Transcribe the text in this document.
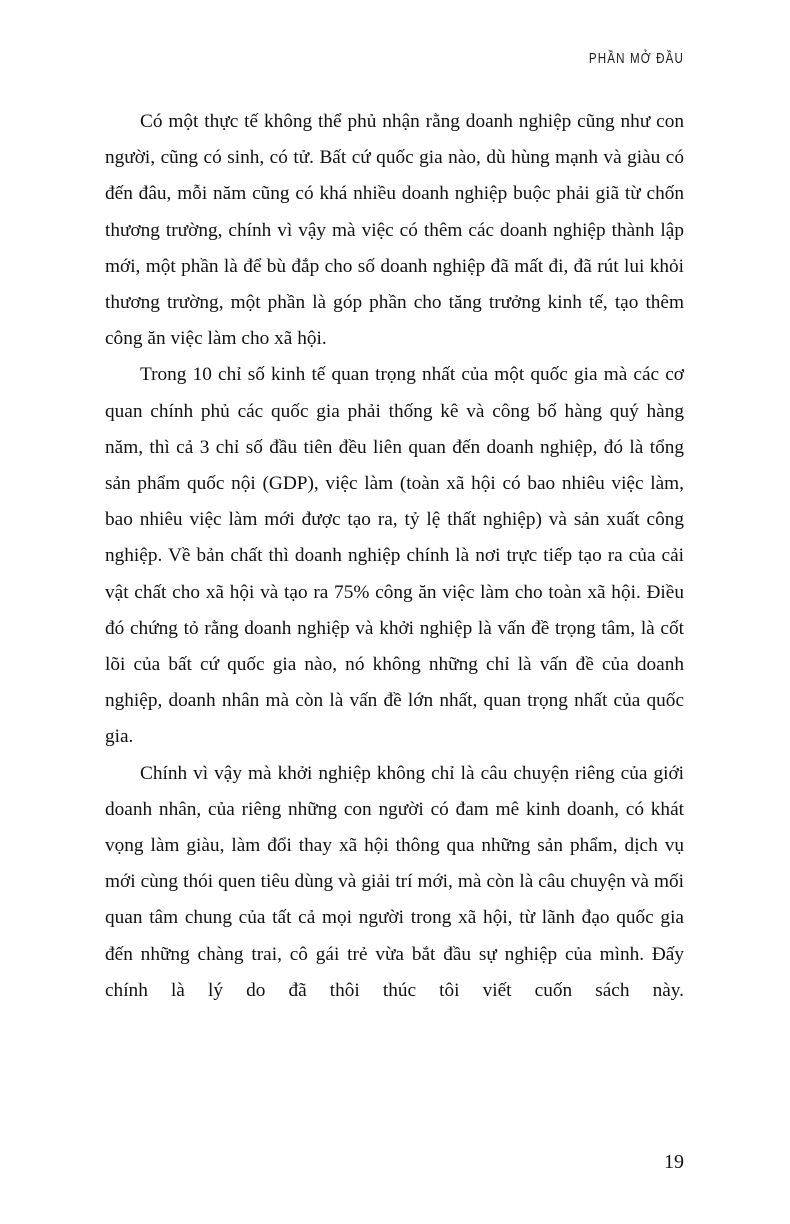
PHẦN MỞ ĐẦU

Có một thực tế không thể phủ nhận rằng doanh nghiệp cũng như con người, cũng có sinh, có tử. Bất cứ quốc gia nào, dù hùng mạnh và giàu có đến đâu, mỗi năm cũng có khá nhiều doanh nghiệp buộc phải giã từ chốn thương trường, chính vì vậy mà việc có thêm các doanh nghiệp thành lập mới, một phần là để bù đắp cho số doanh nghiệp đã mất đi, đã rút lui khỏi thương trường, một phần là góp phần cho tăng trưởng kinh tế, tạo thêm công ăn việc làm cho xã hội.

Trong 10 chỉ số kinh tế quan trọng nhất của một quốc gia mà các cơ quan chính phủ các quốc gia phải thống kê và công bố hàng quý hàng năm, thì cả 3 chỉ số đầu tiên đều liên quan đến doanh nghiệp, đó là tổng sản phẩm quốc nội (GDP), việc làm (toàn xã hội có bao nhiêu việc làm, bao nhiêu việc làm mới được tạo ra, tỷ lệ thất nghiệp) và sản xuất công nghiệp. Về bản chất thì doanh nghiệp chính là nơi trực tiếp tạo ra của cải vật chất cho xã hội và tạo ra 75% công ăn việc làm cho toàn xã hội. Điều đó chứng tỏ rằng doanh nghiệp và khởi nghiệp là vấn đề trọng tâm, là cốt lõi của bất cứ quốc gia nào, nó không những chỉ là vấn đề của doanh nghiệp, doanh nhân mà còn là vấn đề lớn nhất, quan trọng nhất của quốc gia.

Chính vì vậy mà khởi nghiệp không chỉ là câu chuyện riêng của giới doanh nhân, của riêng những con người có đam mê kinh doanh, có khát vọng làm giàu, làm đổi thay xã hội thông qua những sản phẩm, dịch vụ mới cùng thói quen tiêu dùng và giải trí mới, mà còn là câu chuyện và mối quan tâm chung của tất cả mọi người trong xã hội, từ lãnh đạo quốc gia đến những chàng trai, cô gái trẻ vừa bắt đầu sự nghiệp của mình. Đấy chính là lý do đã thôi thúc tôi viết cuốn sách này.

19
